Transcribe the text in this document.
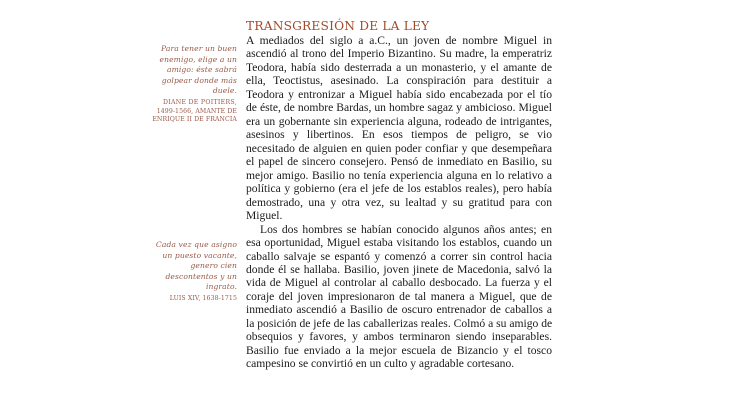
Para tener un buen
enemigo, elige a un
amigo: éste sabrá
golpear donde más
duele.
DIANE DE POITIERS,
1499-1566, AMANTE DE
ENRIQUE II DE FRANCIA
Cada vez que asigno
un puesto vacante,
genero cien
descontentos y un
ingrato.
LUIS XIV, 1638-1715
TRANSGRESIÓN DE LA LEY
A mediados del siglo a a.C., un joven de nombre Miguel in
ascendió al trono del Imperio Bizantino. Su madre, la emperatriz
Teodora, había sido desterrada a un monasterio, y el amante de
ella, Teoctistus, asesinado. La conspiración para destituir a
Teodora y entronizar a Miguel había sido encabezada por el tío
de éste, de nombre Bardas, un hombre sagaz y ambicioso. Miguel
era un gobernante sin experiencia alguna, rodeado de intrigantes,
asesinos y libertinos. En esos tiempos de peligro, se vio
necesitado de alguien en quien poder confiar y que desempeñara
el papel de sincero consejero. Pensó de inmediato en Basilio, su
mejor amigo. Basilio no tenía experiencia alguna en lo relativo a
política y gobierno (era el jefe de los establos reales), pero había
demostrado, una y otra vez, su lealtad y su gratitud para con
Miguel.
Los dos hombres se habían conocido algunos años antes; en
esa oportunidad, Miguel estaba visitando los establos, cuando un
caballo salvaje se espantó y comenzó a correr sin control hacia
donde él se hallaba. Basilio, joven jinete de Macedonia, salvó la
vida de Miguel al controlar al caballo desbocado. La fuerza y el
coraje del joven impresionaron de tal manera a Miguel, que de
inmediato ascendió a Basilio de oscuro entrenador de caballos a
la posición de jefe de las caballerizas reales. Colmó a su amigo de
obsequios y favores, y ambos terminaron siendo inseparables.
Basilio fue enviado a la mejor escuela de Bizancio y el tosco
campesino se convirtió en un culto y agradable cortesano.
